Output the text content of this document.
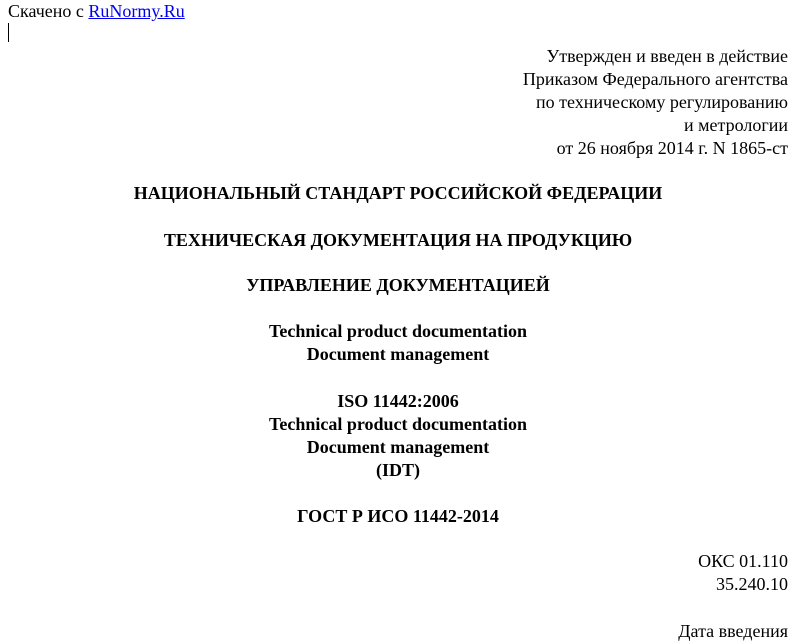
Скачено с RuNormy.Ru
Утвержден и введен в действие
Приказом Федерального агентства
по техническому регулированию
и метрологии
от 26 ноября 2014 г. N 1865-ст
НАЦИОНАЛЬНЫЙ СТАНДАРТ РОССИЙСКОЙ ФЕДЕРАЦИИ
ТЕХНИЧЕСКАЯ ДОКУМЕНТАЦИЯ НА ПРОДУКЦИЮ
УПРАВЛЕНИЕ ДОКУМЕНТАЦИЕЙ
Technical product documentation
Document management
ISO 11442:2006
Technical product documentation
Document management
(IDT)
ГОСТ Р ИСО 11442-2014
ОКС 01.110
35.240.10
Дата введения
